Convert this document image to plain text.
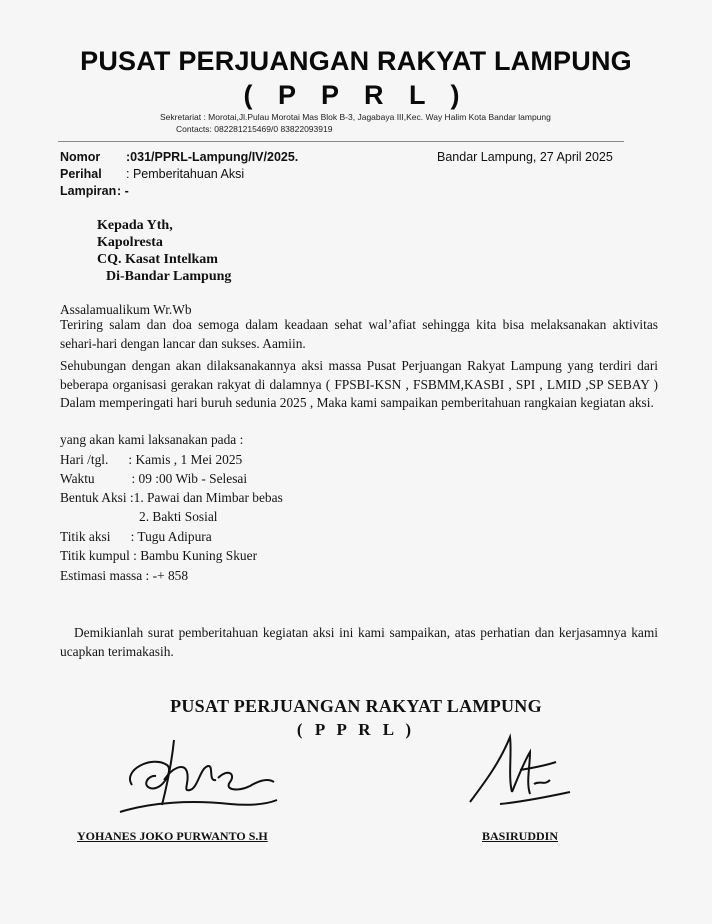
PUSAT PERJUANGAN RAKYAT LAMPUNG
( P P R L )
Sekretariat : Morotai,Jl.Pulau Morotai Mas Blok B-3, Jagabaya III,Kec. Way Halim Kota Bandar lampung
Contacts: 082281215469/0 83822093919
Nomor :031/PPRL-Lampung/IV/2025.	Bandar Lampung, 27 April 2025
Perihal : Pemberitahuan Aksi
Lampiran : -
Kepada Yth,
Kapolresta
CQ. Kasat Intelkam
Di-Bandar Lampung
Assalamualikum Wr.Wb
Teriring salam dan doa semoga dalam keadaan sehat wal’afiat sehingga kita bisa melaksanakan aktivitas sehari-hari dengan lancar dan sukses. Aamiin.
Sehubungan dengan akan dilaksanakannya aksi massa Pusat Perjuangan Rakyat Lampung yang terdiri dari beberapa organisasi gerakan rakyat di dalamnya ( FPSBI-KSN , FSBMM,KASBI , SPI , LMID ,SP SEBAY ) Dalam memperingati hari buruh sedunia 2025 , Maka kami sampaikan pemberitahuan rangkaian kegiatan aksi.
yang akan kami laksanakan pada :
Hari /tgl.      : Kamis , 1 Mei 2025
Waktu           : 09 :00 Wib - Selesai
Bentuk Aksi :1. Pawai dan Mimbar bebas
2. Bakti Sosial
Titik aksi      : Tugu Adipura
Titik kumpul : Bambu Kuning Skuer
Estimasi massa : -+ 858
Demikianlah surat pemberitahuan kegiatan aksi ini kami sampaikan, atas perhatian dan kerjasamnya kami ucapkan terimakasih.
PUSAT PERJUANGAN RAKYAT LAMPUNG
( P P R L )
YOHANES JOKO PURWANTO S.H	BASIRUDDIN
